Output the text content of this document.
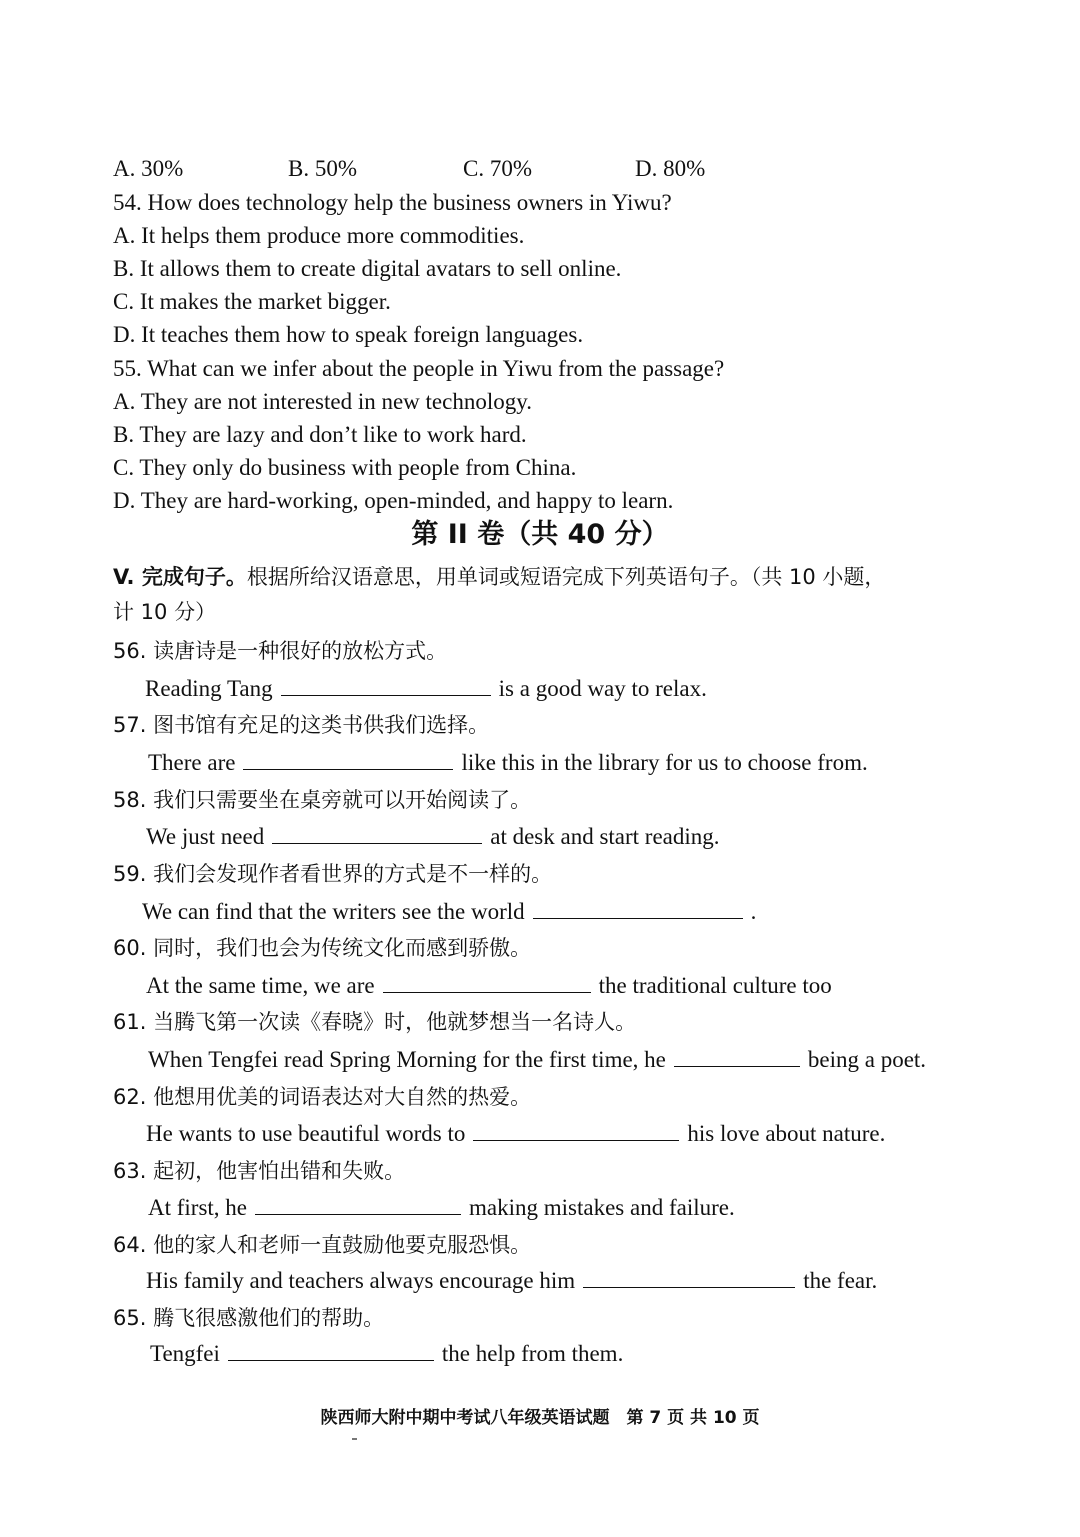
A. 30%	B. 50%	C. 70%	D. 80%
54. How does technology help the business owners in Yiwu?
A. It helps them produce more commodities.
B. It allows them to create digital avatars to sell online.
C. It makes the market bigger.
D. It teaches them how to speak foreign languages.
55. What can we infer about the people in Yiwu from the passage?
A. They are not interested in new technology.
B. They are lazy and don’t like to work hard.
C. They only do business with people from China.
D. They are hard-working, open-minded, and happy to learn.
第 II 卷（共 40 分）
V. 完成句子。根据所给汉语意思，用单词或短语完成下列英语句子。（共 10 小题，
计 10 分）
56. 读唐诗是一种很好的放松方式。
Reading Tang	is a good way to relax.
57. 图书馆有充足的这类书供我们选择。
There are	like this in the library for us to choose from.
58. 我们只需要坐在桌旁就可以开始阅读了。
We just need	at desk and start reading.
59. 我们会发现作者看世界的方式是不一样的。
We can find that the writers see the world	.
60. 同时，我们也会为传统文化而感到骄傲。
At the same time, we are	the traditional culture too
61. 当腾飞第一次读《春晓》时，他就梦想当一名诗人。
When Tengfei read Spring Morning for the first time, he	being a poet.
62. 他想用优美的词语表达对大自然的热爱。
He wants to use beautiful words to	his love about nature.
63. 起初，他害怕出错和失败。
At first, he	making mistakes and failure.
64. 他的家人和老师一直鼓励他要克服恐惧。
His family and teachers always encourage him	the fear.
65. 腾飞很感激他们的帮助。
Tengfei	the help from them.
陕西师大附中期中考试八年级英语试题　第 7 页 共 10 页
